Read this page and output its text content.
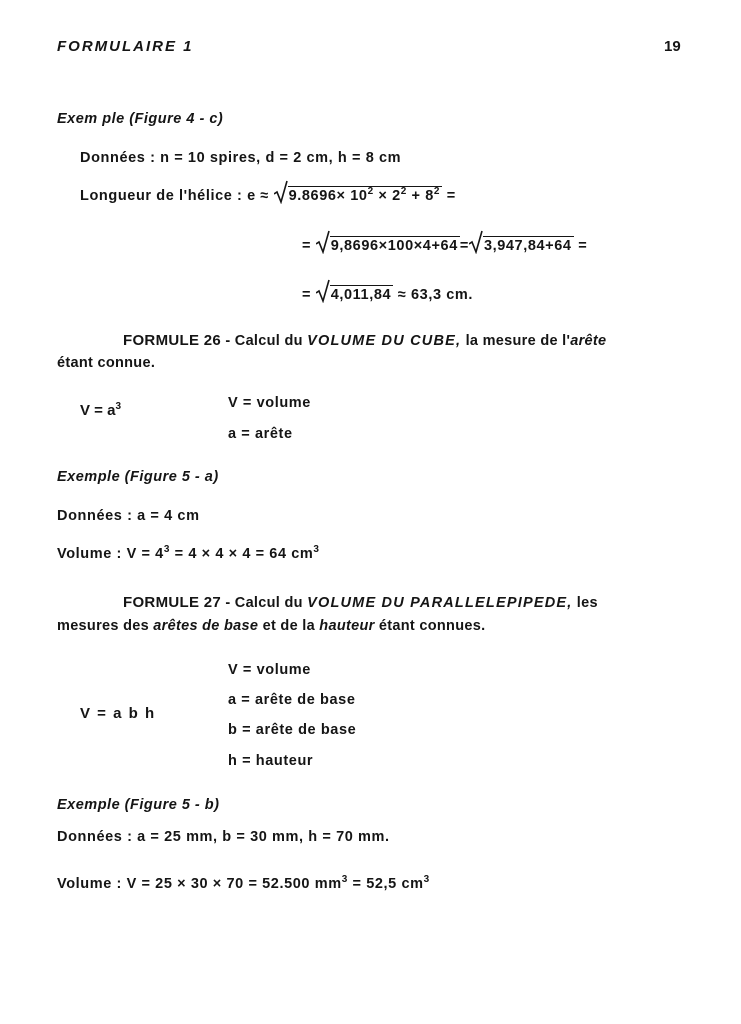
FORMULAIRE 1	19
Exem ple (Figure 4 - c)
Données : n = 10 spires, d = 2 cm, h = 8 cm
Longueur de l'hélice : $e \approx 9.8696\times 10^2 \times 2^2 + 8^2$ =
= 9,8696×100×4+64 = 3,947,84+64 =
= 4,011,84 ≈ 63,3 cm.
FORMULE 26 - Calcul du VOLUME DU CUBE, la mesure de l'arête
étant connue.
$V = a^3$	V = volume
a = arête
Exemple (Figure 5 - a)
Données : a = 4 cm
Volume : $V = 4^3 = 4 \times 4 \times 4 = 64$ $cm^3$
FORMULE 27 - Calcul du VOLUME DU PARALLELEPIPEDE, les
mesures des arêtes de base et de la hauteur étant connues.
V = volume
a = arête de base
V = a b h
b = arête de base
h = hauteur
Exemple (Figure 5 - b)
Données : a = 25 mm, b = 30 mm, h = 70 mm.
Volume : V = 25 × 30 × 70 = 52.500 $mm^3 = 52,5$ $cm^3$
